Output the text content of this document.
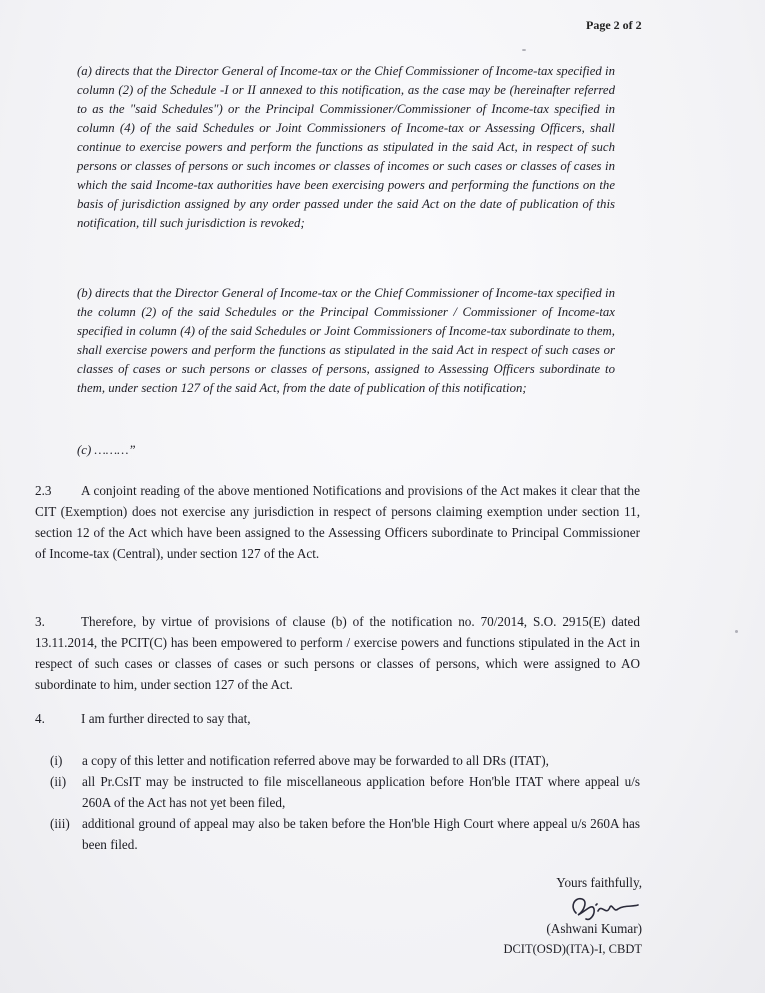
Page 2 of 2
(a) directs that the Director General of Income-tax or the Chief Commissioner of Income-tax specified in column (2) of the Schedule -I or II annexed to this notification, as the case may be (hereinafter referred to as the "said Schedules") or the Principal Commissioner/Commissioner of Income-tax specified in column (4) of the said Schedules or Joint Commissioners of Income-tax or Assessing Officers, shall continue to exercise powers and perform the functions as stipulated in the said Act, in respect of such persons or classes of persons or such incomes or classes of incomes or such cases or classes of cases in which the said Income-tax authorities have been exercising powers and performing the functions on the basis of jurisdiction assigned by any order passed under the said Act on the date of publication of this notification, till such jurisdiction is revoked;
(b) directs that the Director General of Income-tax or the Chief Commissioner of Income-tax specified in the column (2) of the said Schedules or the Principal Commissioner / Commissioner of Income-tax specified in column (4) of the said Schedules or Joint Commissioners of Income-tax subordinate to them, shall exercise powers and perform the functions as stipulated in the said Act in respect of such cases or classes of cases or such persons or classes of persons, assigned to Assessing Officers subordinate to them, under section 127 of the said Act, from the date of publication of this notification;
(c) ………”
2.3 A conjoint reading of the above mentioned Notifications and provisions of the Act makes it clear that the CIT (Exemption) does not exercise any jurisdiction in respect of persons claiming exemption under section 11, section 12 of the Act which have been assigned to the Assessing Officers subordinate to Principal Commissioner of Income-tax (Central), under section 127 of the Act.
3.	Therefore, by virtue of provisions of clause (b) of the notification no. 70/2014, S.O. 2915(E) dated 13.11.2014, the PCIT(C) has been empowered to perform / exercise powers and functions stipulated in the Act in respect of such cases or classes of cases or such persons or classes of persons, which were assigned to AO subordinate to him, under section 127 of the Act.
4.	I am further directed to say that,
(i)	a copy of this letter and notification referred above may be forwarded to all DRs (ITAT),
(ii)	all Pr.CsIT may be instructed to file miscellaneous application before Hon'ble ITAT where appeal u/s 260A of the Act has not yet been filed,
(iii) additional ground of appeal may also be taken before the Hon'ble High Court where appeal u/s 260A has been filed.
Yours faithfully,
(Ashwani Kumar)
DCIT(OSD)(ITA)-I, CBDT
